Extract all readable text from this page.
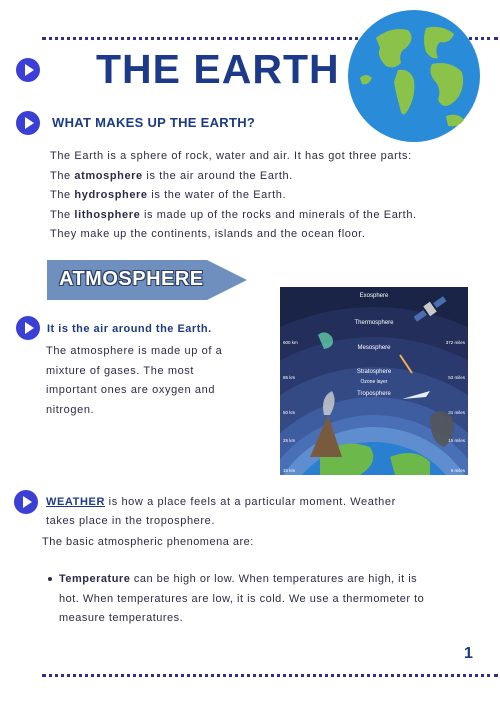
THE EARTH
WHAT MAKES UP THE EARTH?

The Earth is a sphere of rock, water and air. It has got three parts:

The atmosphere is the air around the Earth.

The hydrosphere is the water of the Earth.

The lithosphere is made up of the rocks and minerals of the Earth.

They make up the continents, islands and the ocean floor.

ATMOSPHERE
It is the air around the Earth.

The atmosphere is made up of a

mixture of gases. The most

important ones are oxygen and

nitrogen.

Exosphere
Thermosphere
Mesosphere
Stratosphere
Ozone layer
Troposphere
600 km
85 km
50 km
25 km
15 km
372 miles
53 miles
31 miles
15 miles
6 miles

WEATHER is how a place feels at a particular moment. Weather

takes place in the troposphere.

The basic atmospheric phenomena are:

Temperature can be high or low. When temperatures are high, it is

hot. When temperatures are low, it is cold. We use a thermometer to

measure temperatures.

1
